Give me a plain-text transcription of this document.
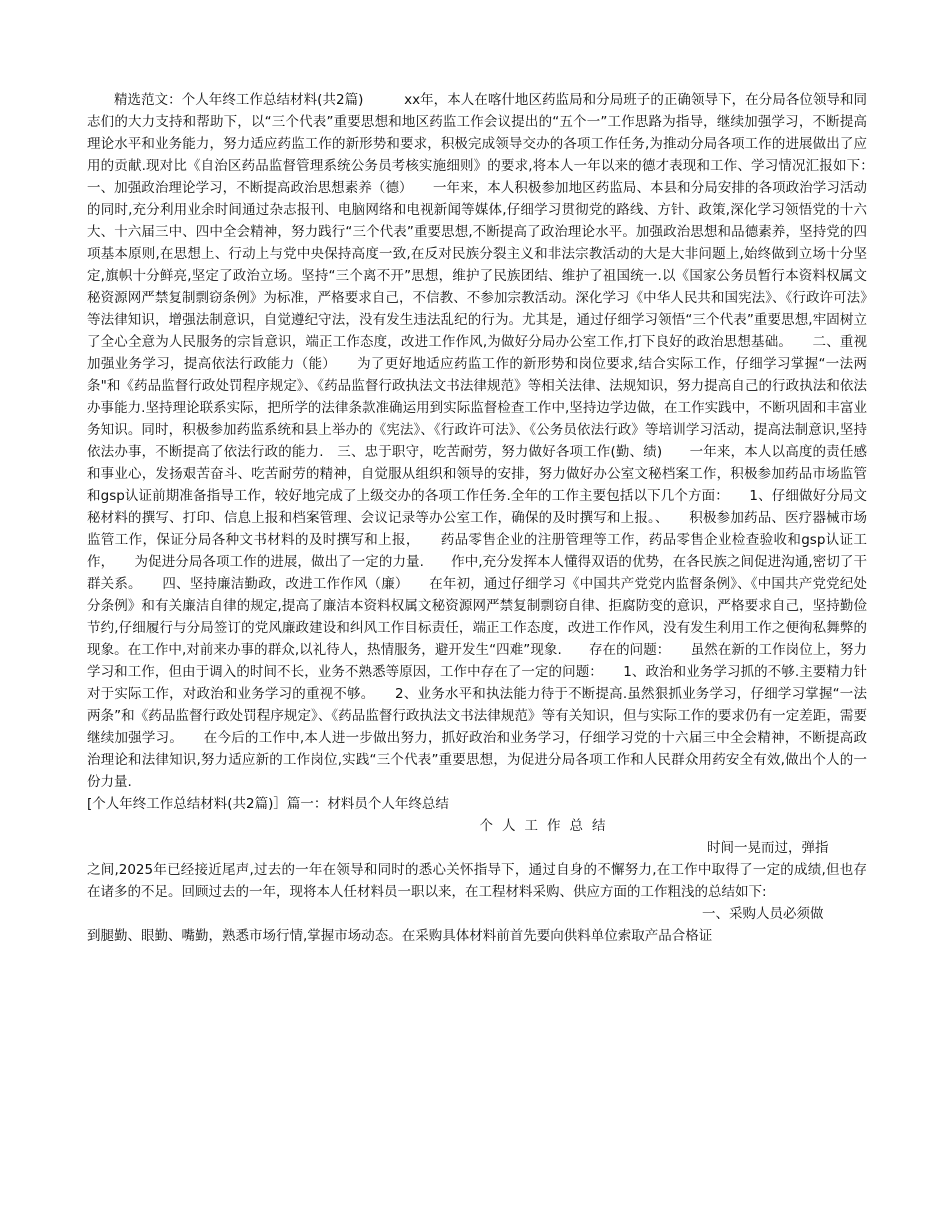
精选范文：个人年终工作总结材料(共2篇)　　　xx年，本人在喀什地区药监局和分局班子的正确领导下，在分局各位领导和同志们的大力支持和帮助下，以“三个代表”重要思想和地区药监工作会议提出的“五个一”工作思路为指导，继续加强学习，不断提高理论水平和业务能力，努力适应药监工作的新形势和要求，积极完成领导交办的各项工作任务,为推动分局各项工作的进展做出了应用的贡献.现对比《自治区药品监督管理系统公务员考核实施细则》的要求,将本人一年以来的德才表现和工作、学习情况汇报如下：　　一、加强政治理论学习，不断提高政治思想素养（德）　　一年来，本人积极参加地区药监局、本县和分局安排的各项政治学习活动的同时,充分利用业余时间通过杂志报刊、电脑网络和电视新闻等媒体,仔细学习贯彻党的路线、方针、政策,深化学习领悟党的十六大、十六届三中、四中全会精神，努力践行“三个代表”重要思想,不断提高了政治理论水平。加强政治思想和品德素养，坚持党的四项基本原则,在思想上、行动上与党中央保持高度一致,在反对民族分裂主义和非法宗教活动的大是大非问题上,始终做到立场十分坚定,旗帜十分鲜亮,坚定了政治立场。坚持“三个离不开”思想，维护了民族团结、维护了祖国统一.以《国家公务员暂行本资料权属文秘资源网严禁复制剽窃条例》为标准，严格要求自己，不信教、不参加宗教活动。深化学习《中华人民共和国宪法》、《行政许可法》等法律知识，增强法制意识，自觉遵纪守法，没有发生违法乱纪的行为。尤其是，通过仔细学习领悟“三个代表”重要思想,牢固树立了全心全意为人民服务的宗旨意识，端正工作态度，改进工作作风,为做好分局办公室工作,打下良好的政治思想基础。　　二、重视加强业务学习，提高依法行政能力（能）　　为了更好地适应药监工作的新形势和岗位要求,结合实际工作，仔细学习掌握“一法两条"和《药品监督行政处罚程序规定》、《药品监督行政执法文书法律规范》等相关法律、法规知识，努力提高自己的行政执法和依法办事能力.坚持理论联系实际，把所学的法律条款准确运用到实际监督检查工作中,坚持边学边做，在工作实践中，不断巩固和丰富业务知识。同时，积极参加药监系统和县上举办的《宪法》、《行政许可法》、《公务员依法行政》等培训学习活动，提高法制意识,坚持依法办事，不断提高了依法行政的能力.　三、忠于职守，吃苦耐劳，努力做好各项工作(勤、绩)　　一年来，本人以高度的责任感和事业心，发扬艰苦奋斗、吃苦耐劳的精神，自觉服从组织和领导的安排，努力做好办公室文秘档案工作，积极参加药品市场监管和gsp认证前期准备指导工作，较好地完成了上级交办的各项工作任务.全年的工作主要包括以下几个方面：　　1、仔细做好分局文秘材料的撰写、打印、信息上报和档案管理、会议记录等办公室工作，确保的及时撰写和上报。、　　积极参加药品、医疗器械市场监管工作，保证分局各种文书材料的及时撰写和上报，　　药品零售企业的注册管理等工作，药品零售企业检查验收和gsp认证工作，　　为促进分局各项工作的进展，做出了一定的力量.　　作中,充分发挥本人懂得双语的优势，在各民族之间促进沟通,密切了干群关系。　　四、坚持廉洁勤政，改进工作作风（廉）　　在年初，通过仔细学习《中国共产党党内监督条例》、《中国共产党党纪处分条例》和有关廉洁自律的规定,提高了廉洁本资料权属文秘资源网严禁复制剽窃自律、拒腐防变的意识，严格要求自己，坚持勤俭节约,仔细履行与分局签订的党风廉政建设和纠风工作目标责任，端正工作态度，改进工作作风，没有发生利用工作之便徇私舞弊的现象。在工作中,对前来办事的群众,以礼待人，热情服务，避开发生“四难”现象.　　存在的问题：　　虽然在新的工作岗位上，努力学习和工作，但由于调入的时间不长，业务不熟悉等原因，工作中存在了一定的问题：　　1、政治和业务学习抓的不够.主要精力针对于实际工作，对政治和业务学习的重视不够。　　2、业务水平和执法能力待于不断提高.虽然狠抓业务学习，仔细学习掌握“一法两条”和《药品监督行政处罚程序规定》、《药品监督行政执法文书法律规范》等有关知识，但与实际工作的要求仍有一定差距，需要继续加强学习。　　在今后的工作中,本人进一步做出努力，抓好政治和业务学习，仔细学习党的十六届三中全会精神，不断提高政治理论和法律知识,努力适应新的工作岗位,实践“三个代表”重要思想，为促进分局各项工作和人民群众用药安全有效,做出个人的一份力量.

[个人年终工作总结材料(共2篇)］篇一：材料员个人年终总结

个人工作总结

时间一晃而过，弹指

之间,2025年已经接近尾声,过去的一年在领导和同时的悉心关怀指导下，通过自身的不懈努力,在工作中取得了一定的成绩,但也存在诸多的不足。回顾过去的一年，现将本人任材料员一职以来，在工程材料采购、供应方面的工作粗浅的总结如下:

一、采购人员必须做

到腿勤、眼勤、嘴勤，熟悉市场行情,掌握市场动态。在采购具体材料前首先要向供料单位索取产品合格证
